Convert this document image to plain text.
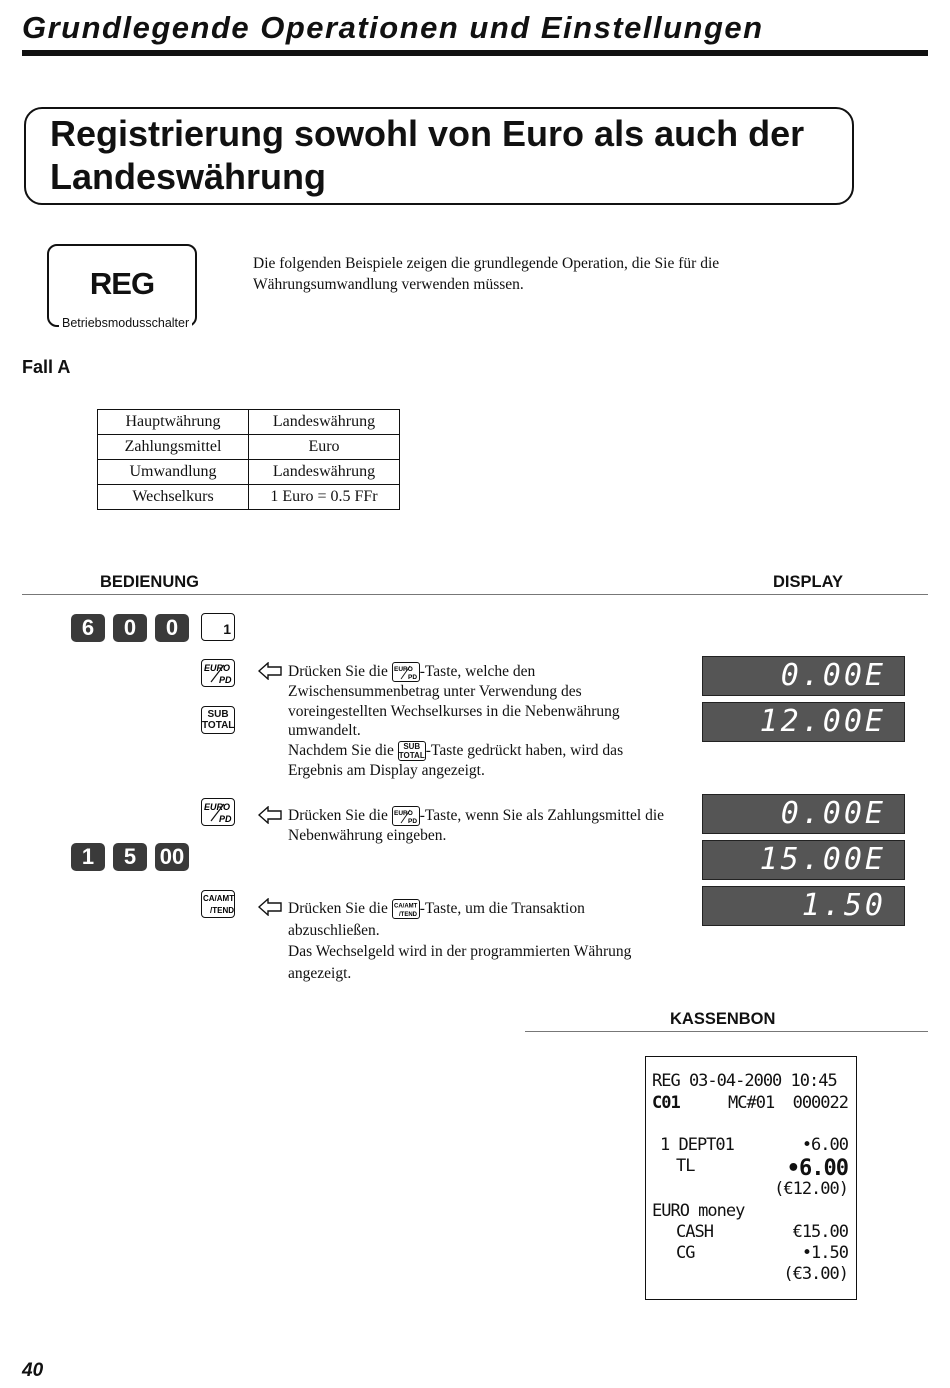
Grundlegende Operationen und Einstellungen
Registrierung sowohl von Euro als auch der
Landeswährung
REG
Betriebsmodusschalter
Die folgenden Beispiele zeigen die grundlegende Operation, die Sie für die
Währungsumwandlung verwenden müssen.
Fall A
Hauptwährung	Landeswährung
Zahlungsmittel	Euro
Umwandlung	Landeswährung
Wechselkurs	1 Euro = 0.5 FFr
BEDIENUNG	DISPLAY
6	0	0	1
EURO
PD
SUB
TOTAL
Drücken Sie die EURO
PD -Taste, welche den
Zwischensummenbetrag unter Verwendung des
voreingestellten Wechselkurses in die Nebenwährung
umwandelt.
Nachdem Sie die	SUB
TOTAL -Taste gedrückt haben, wird das
Ergebnis am Display angezeigt.
0.00E
12.00E
EURO
PD	Drücken Sie die EURO
PD -Taste, wenn Sie als Zahlungsmittel die
Nebenwährung eingeben.
1	5	00
0.00E
15.00E
CA/AMT
/TEND	Drücken Sie die CA/AMT
/TEND -Taste, um die Transaktion
abzuschließen.
Das Wechselgeld wird in der programmierten Währung
angezeigt.
1.50
KASSENBON
REG 03-04-2000 10:45
C01	MC#01 000022
1 DEPT01	•6.00
TL	•6.00
(€12.00)
EURO money
CASH	€15.00
CG	•1.50
(€3.00)
40
